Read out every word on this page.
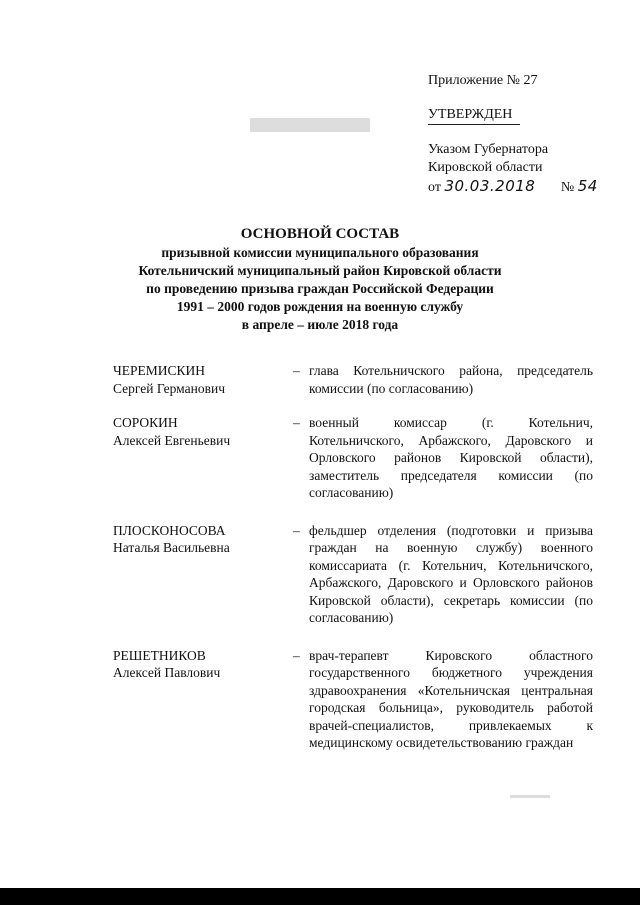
Приложение № 27
УТВЕРЖДЕН
Указом Губернатора
Кировской области
от 30.03.2018 № 54
ОСНОВНОЙ СОСТАВ
призывной комиссии муниципального образования
Котельничский муниципальный район Кировской области
по проведению призыва граждан Российской Федерации
1991 – 2000 годов рождения на военную службу
в апреле – июле 2018 года
ЧЕРЕМИСКИН
Сергей Германович
– глава Котельничского района, председатель комиссии (по согласованию)
СОРОКИН
Алексей Евгеньевич
– военный комиссар (г. Котельнич, Котельничского, Арбажского, Даровского и Орловского районов Кировской области), заместитель председателя комиссии (по согласованию)
ПЛОСКОНОСОВА
Наталья Васильевна
– фельдшер отделения (подготовки и призыва граждан на военную службу) военного комиссариата (г. Котельнич, Котельничского, Арбажского, Даровского и Орловского районов Кировской области), секретарь комиссии (по согласованию)
РЕШЕТНИКОВ
Алексей Павлович
– врач-терапевт Кировского областного государственного бюджетного учреждения здравоохранения «Котельничская центральная городская больница», руководитель работой врачей-специалистов, привлекаемых к медицинскому освидетельствованию граждан
